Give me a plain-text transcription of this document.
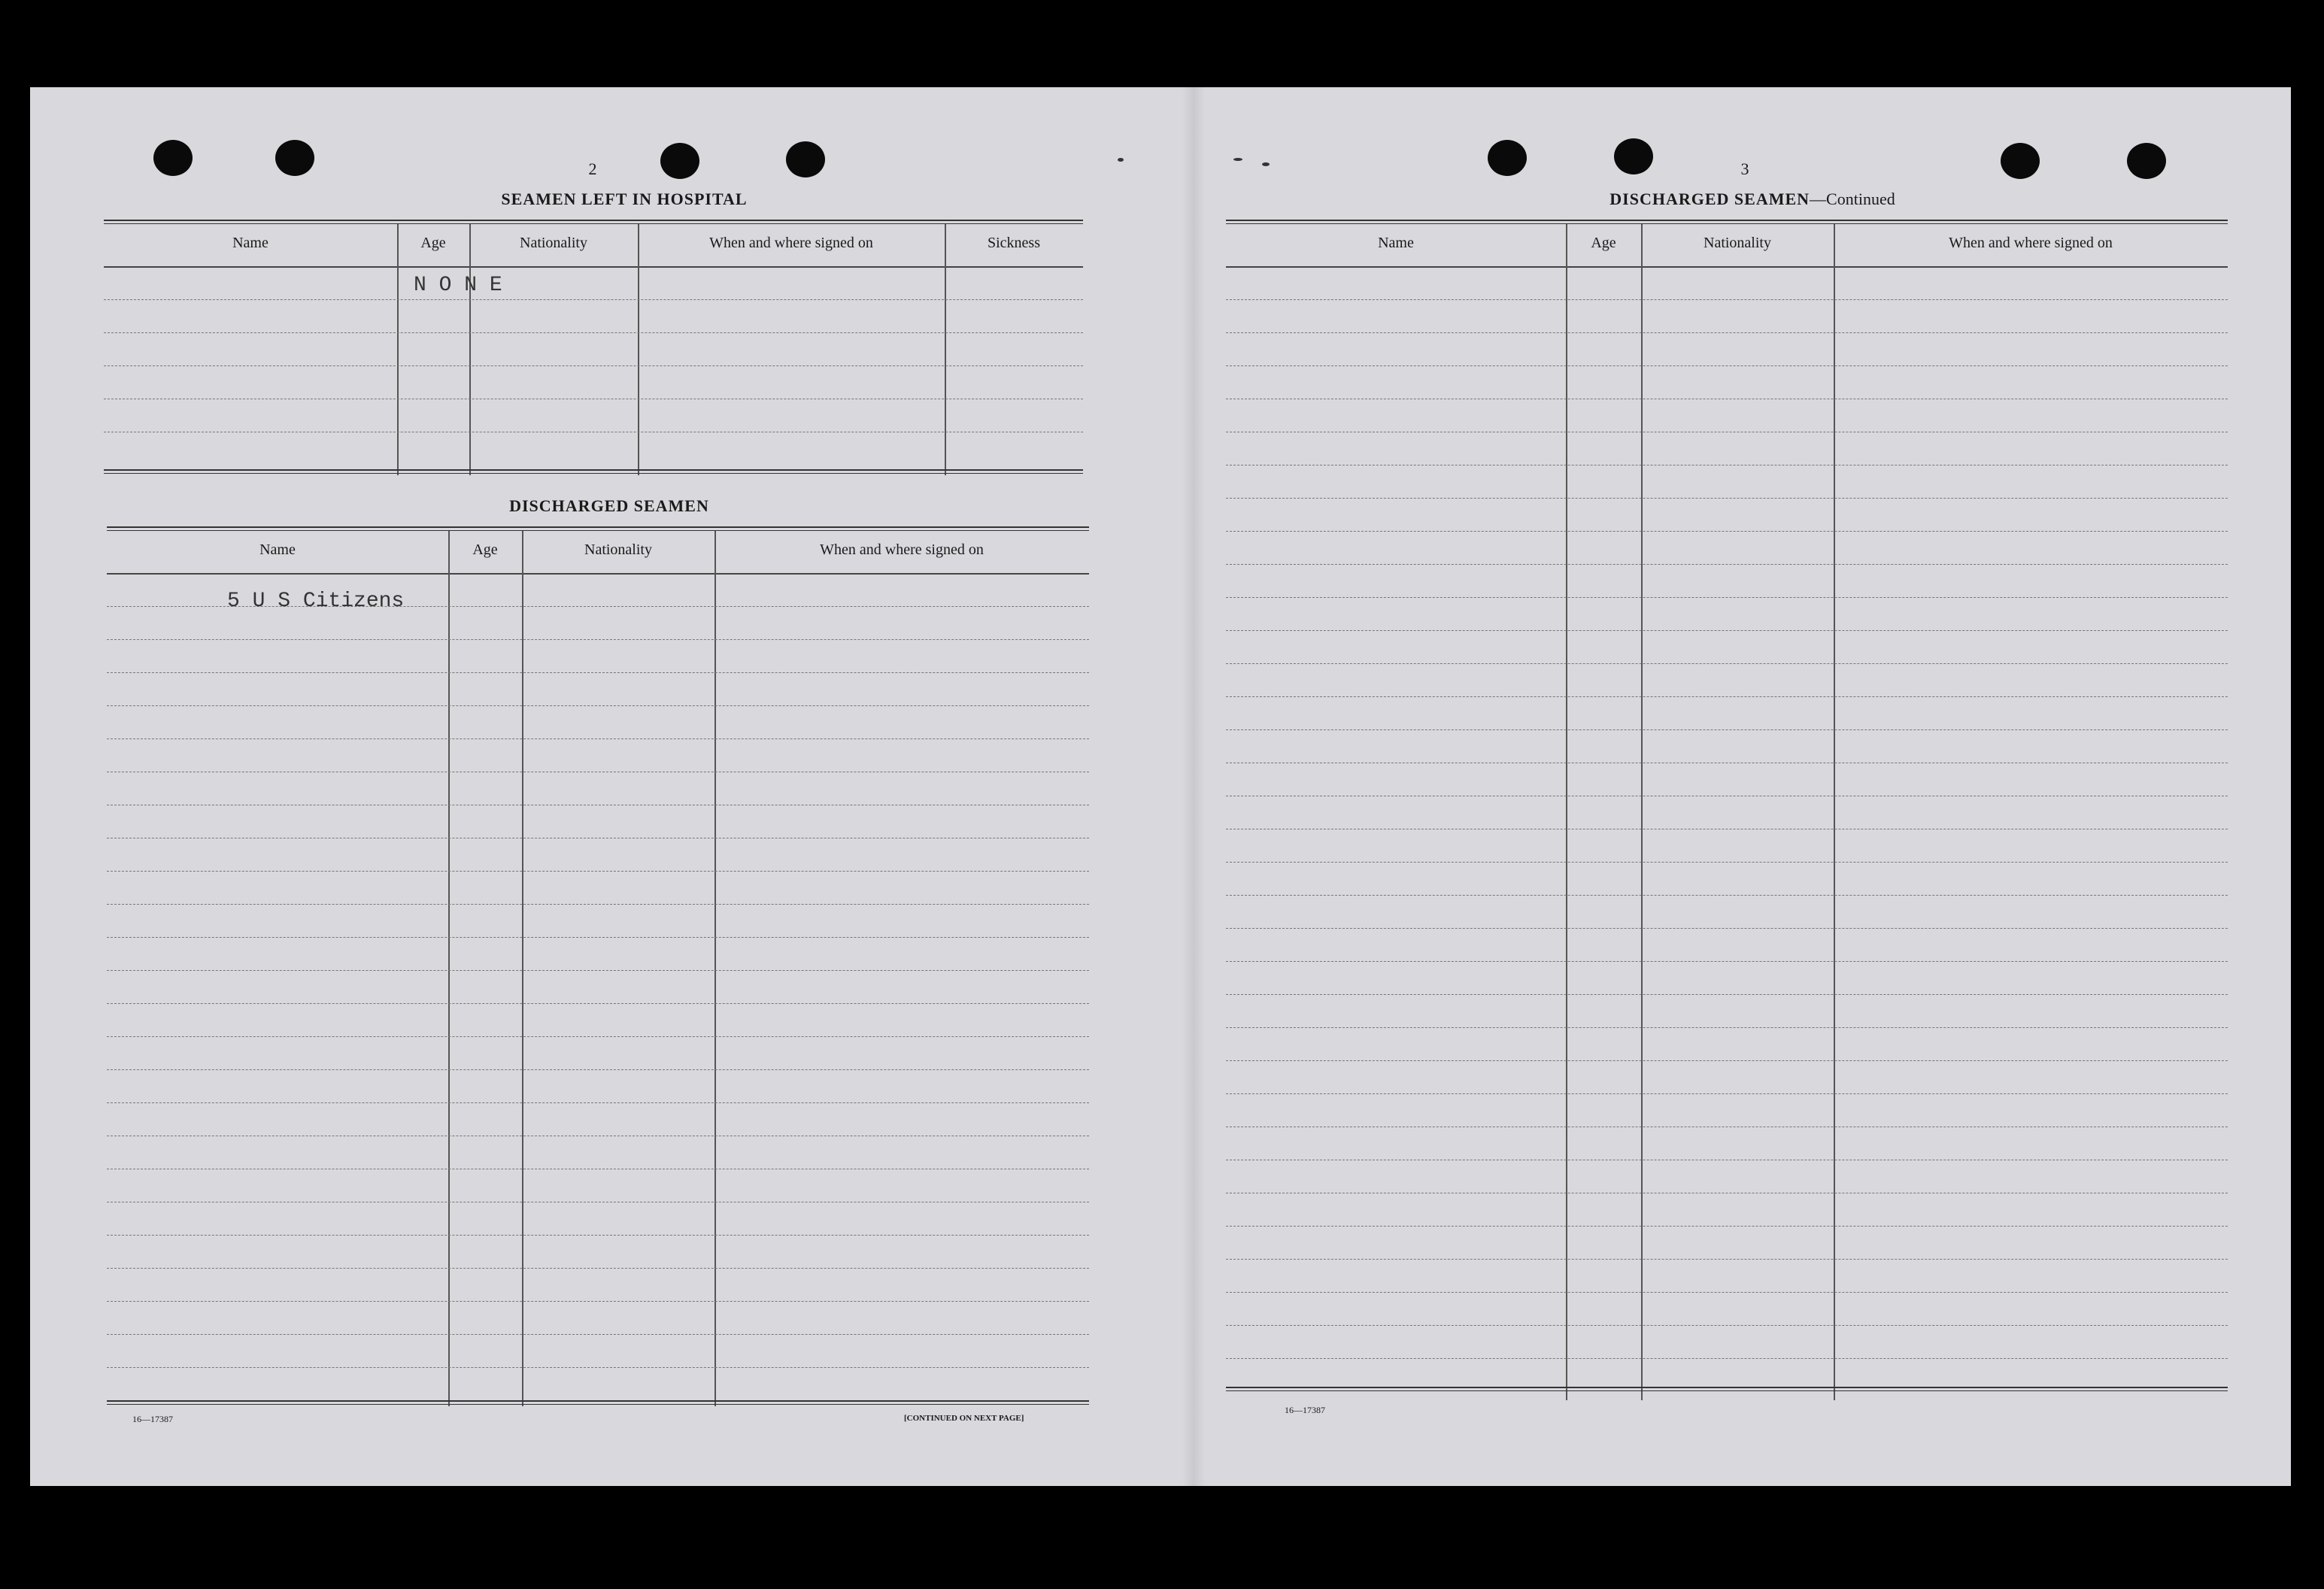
2
SEAMEN LEFT IN HOSPITAL
Name	Age	Nationality	When and where signed on	Sickness
N O N E
DISCHARGED SEAMEN
Name	Age	Nationality	When and where signed on
5 U S Citizens
16—17387	[CONTINUED ON NEXT PAGE]
3
DISCHARGED SEAMEN—Continued
Name	Age	Nationality	When and where signed on
16—17387
